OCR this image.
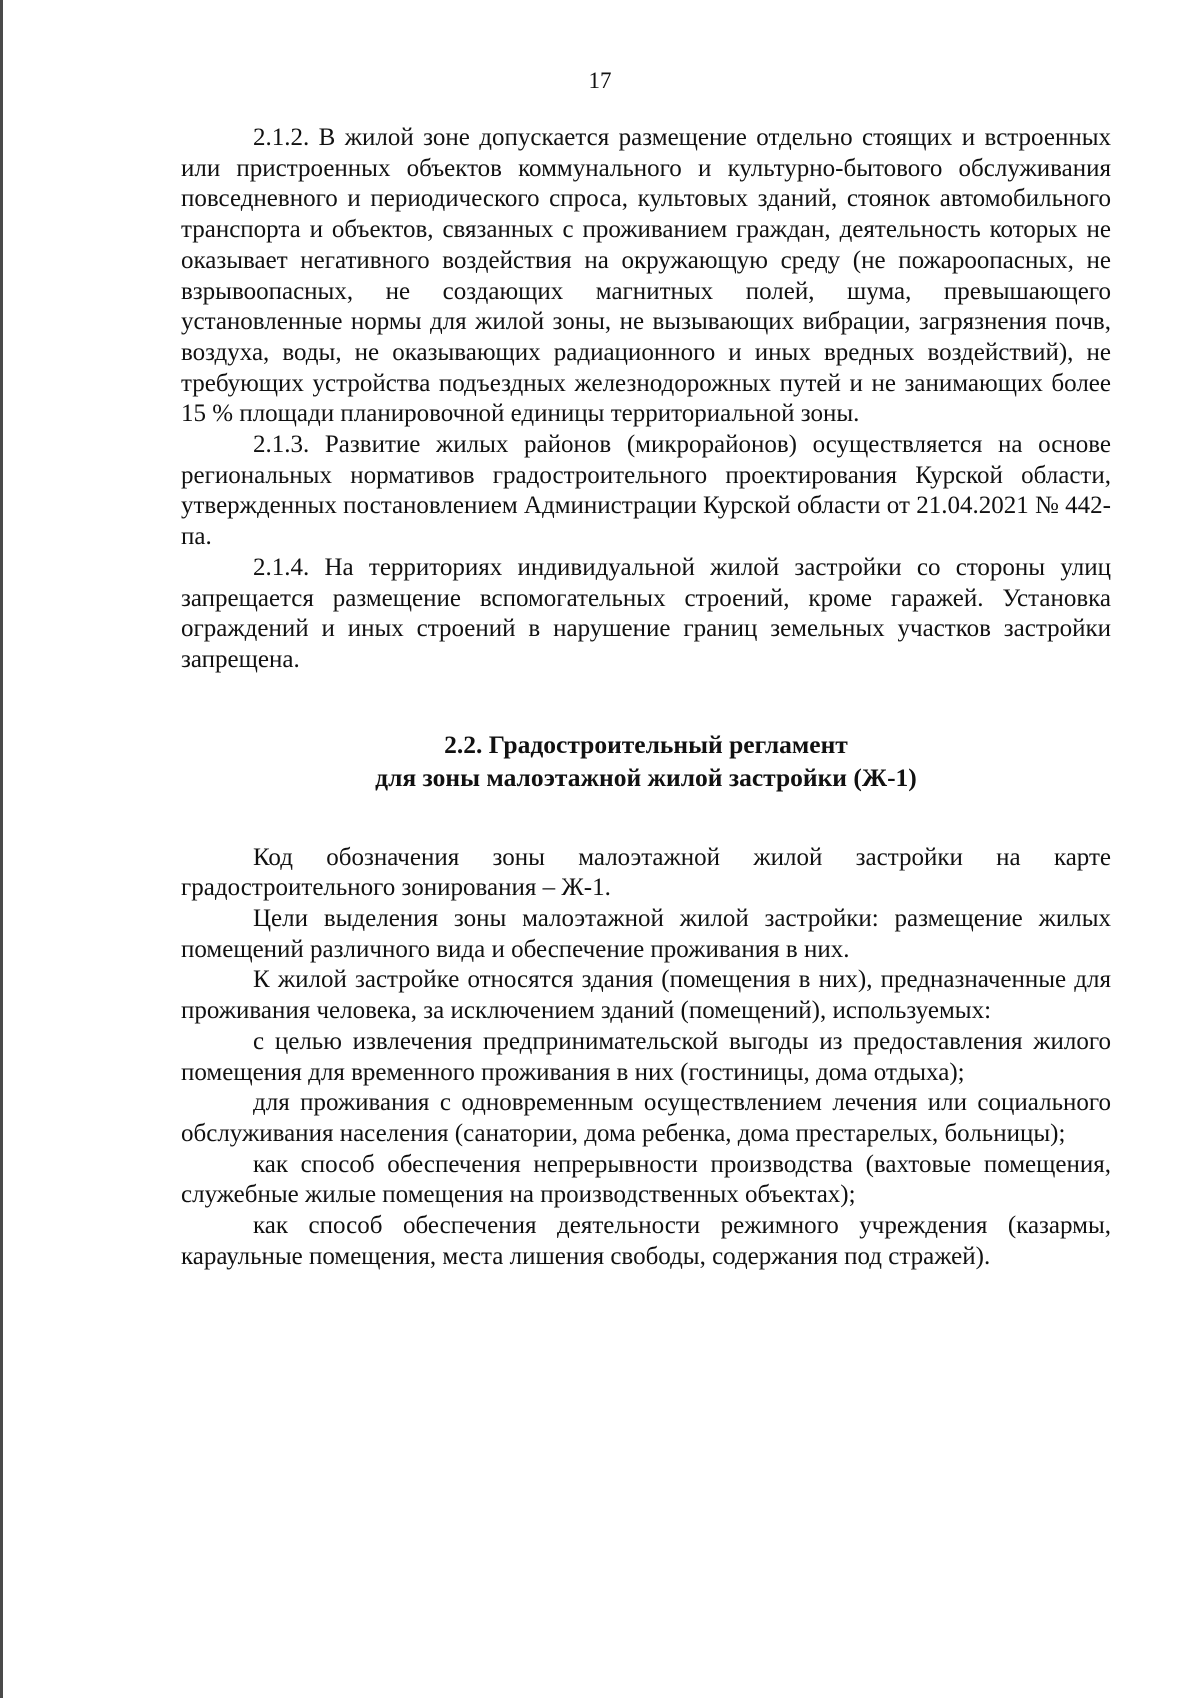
17

2.1.2. В жилой зоне допускается размещение отдельно стоящих и встроенных или пристроенных объектов коммунального и культурно-бытового обслуживания повседневного и периодического спроса, культовых зданий, стоянок автомобильного транспорта и объектов, связанных с проживанием граждан, деятельность которых не оказывает негативного воздействия на окружающую среду (не пожароопасных, не взрывоопасных, не создающих магнитных полей, шума, превышающего установленные нормы для жилой зоны, не вызывающих вибрации, загрязнения почв, воздуха, воды, не оказывающих радиационного и иных вредных воздействий), не требующих устройства подъездных железнодорожных путей и не занимающих более 15 % площади планировочной единицы территориальной зоны.

2.1.3. Развитие жилых районов (микрорайонов) осуществляется на основе региональных нормативов градостроительного проектирования Курской области, утвержденных постановлением Администрации Курской области от 21.04.2021 № 442-па.

2.1.4. На территориях индивидуальной жилой застройки со стороны улиц запрещается размещение вспомогательных строений, кроме гаражей. Установка ограждений и иных строений в нарушение границ земельных участков застройки запрещена.

2.2. Градостроительный регламент
для зоны малоэтажной жилой застройки (Ж-1)

Код обозначения зоны малоэтажной жилой застройки на карте градостроительного зонирования – Ж-1.

Цели выделения зоны малоэтажной жилой застройки: размещение жилых помещений различного вида и обеспечение проживания в них.

К жилой застройке относятся здания (помещения в них), предназначенные для проживания человека, за исключением зданий (помещений), используемых:

с целью извлечения предпринимательской выгоды из предоставления жилого помещения для временного проживания в них (гостиницы, дома отдыха);

для проживания с одновременным осуществлением лечения или социального обслуживания населения (санатории, дома ребенка, дома престарелых, больницы);

как способ обеспечения непрерывности производства (вахтовые помещения, служебные жилые помещения на производственных объектах);

как способ обеспечения деятельности режимного учреждения (казармы, караульные помещения, места лишения свободы, содержания под стражей).
